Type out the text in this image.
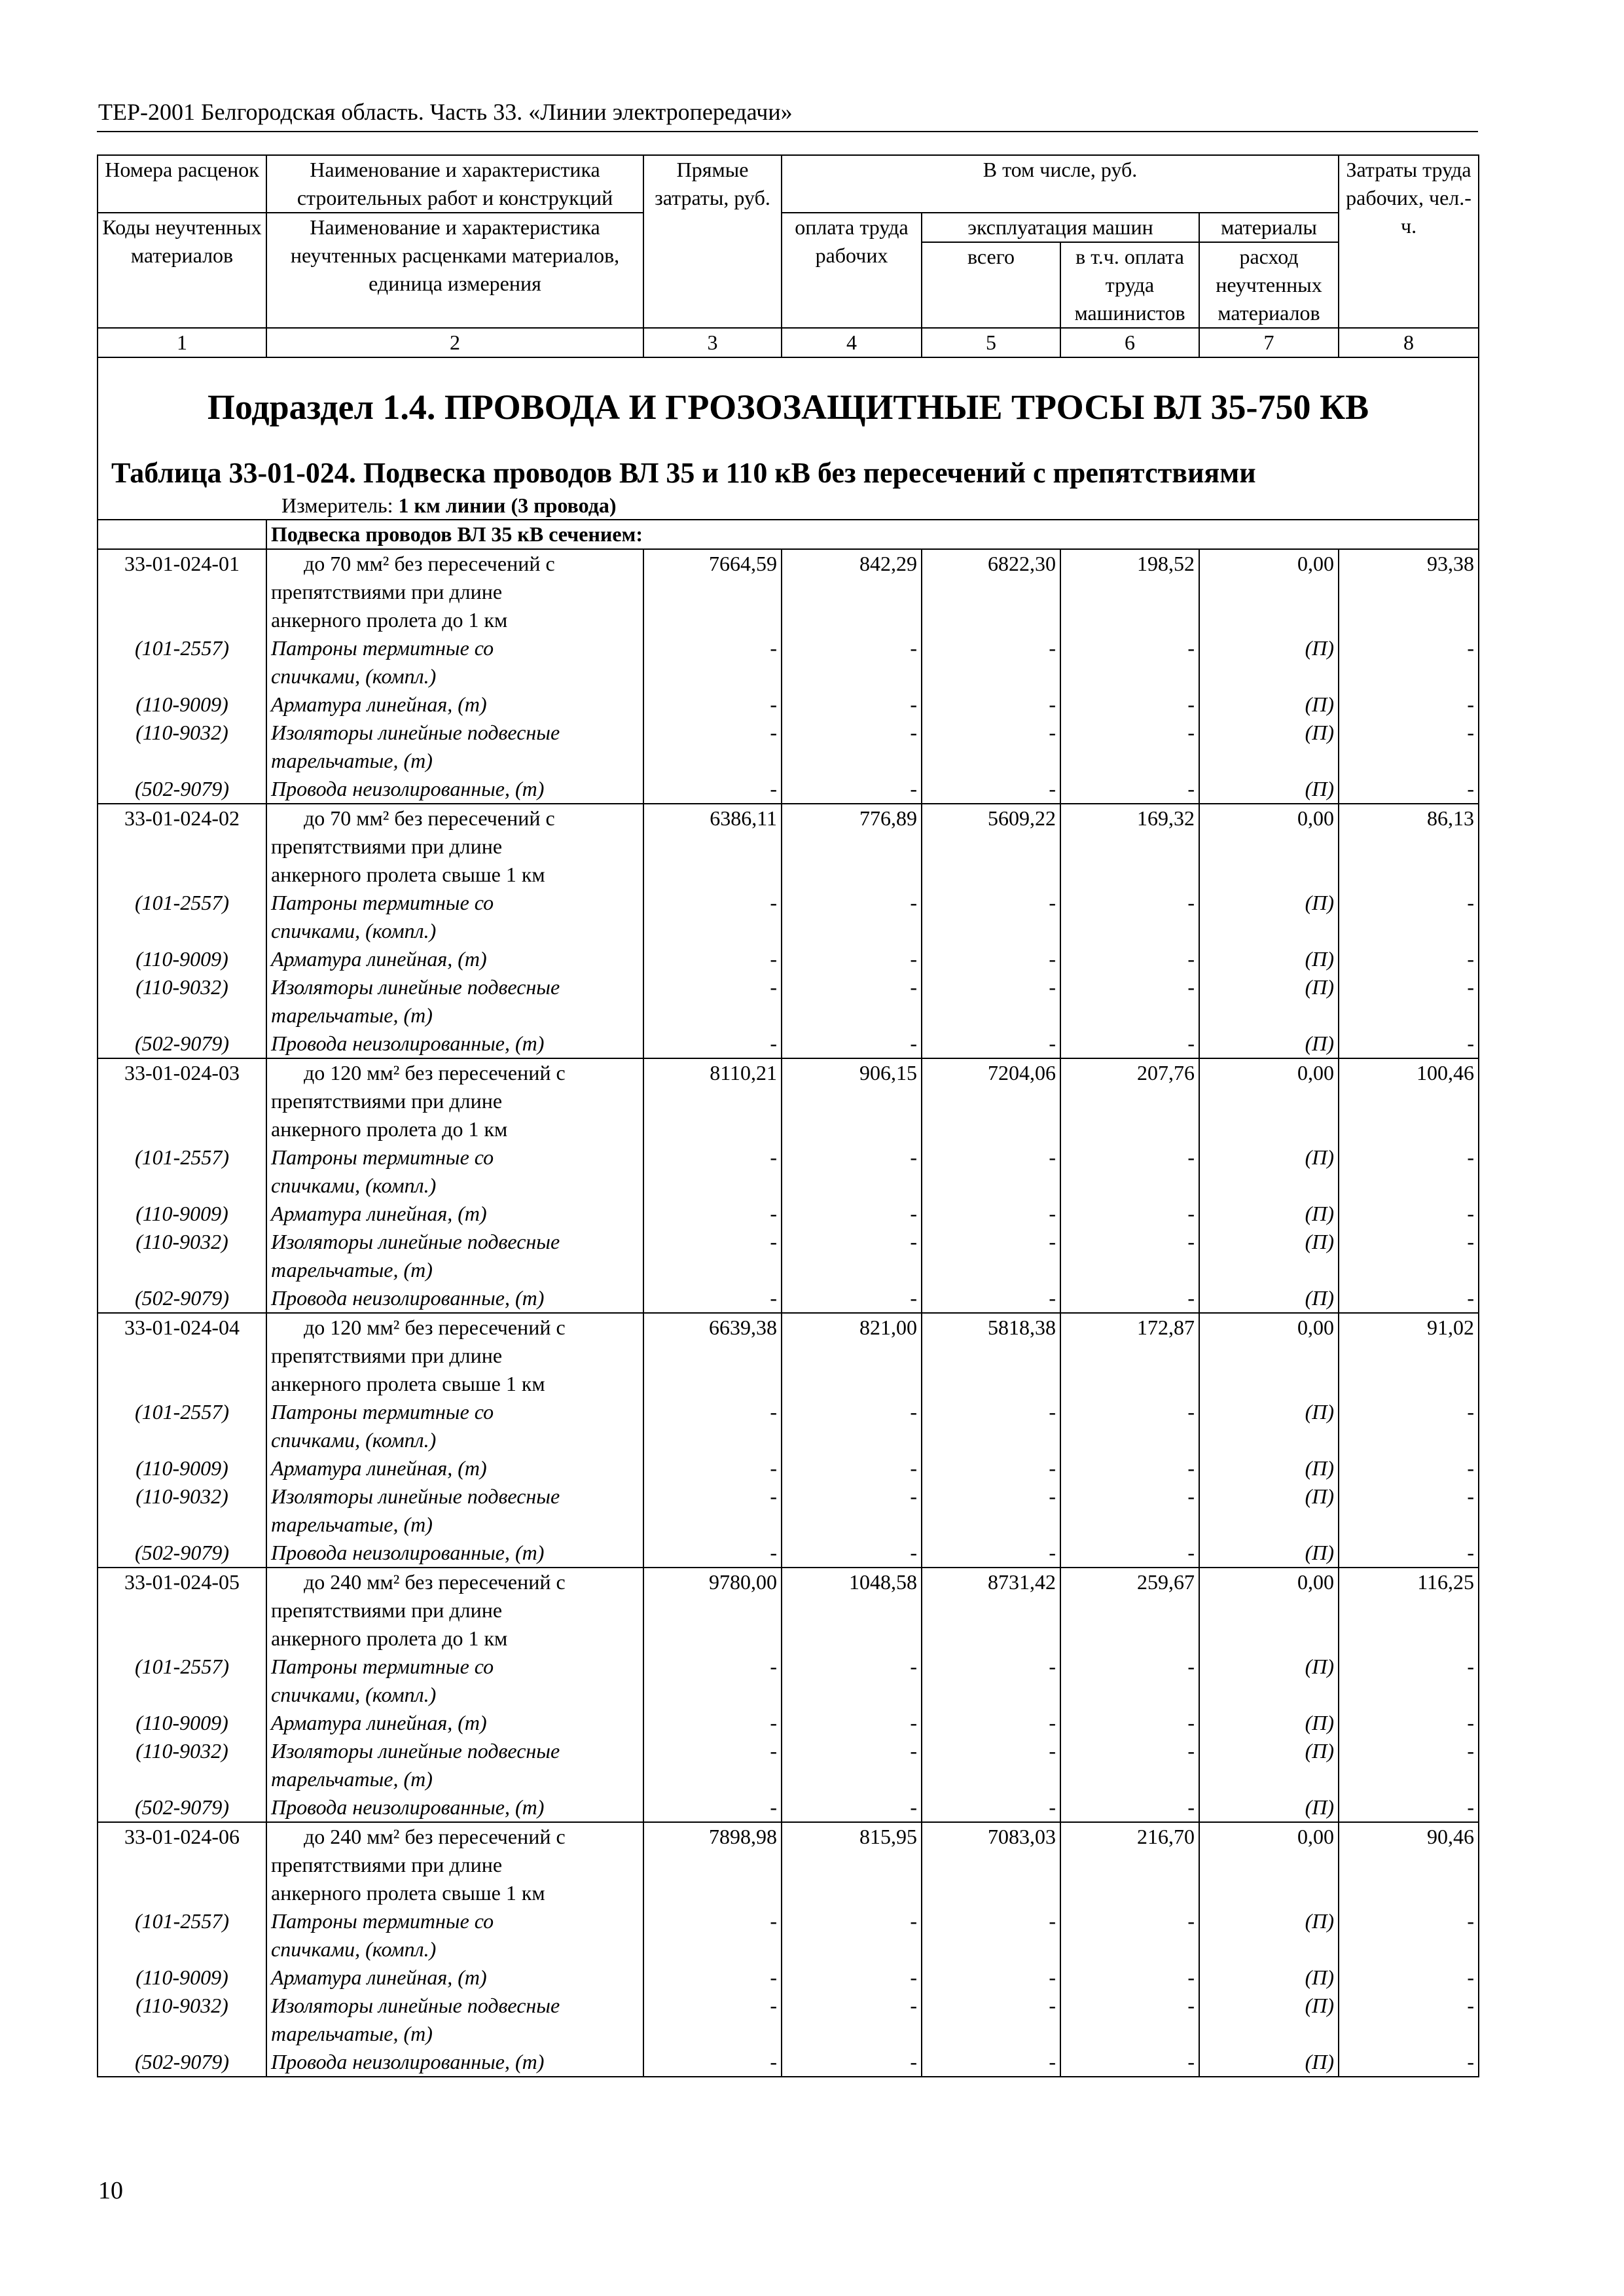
ТЕР-2001 Белгородская область. Часть 33. «Линии электропередачи»
Номера расценок	Наименование и характеристика строительных работ и конструкций	Прямые затраты, руб.	В том числе, руб.				Затраты труда рабочих, чел.-ч.
Коды неучтенных материалов	Наименование и характеристика неучтенных расценками материалов, единица измерения		оплата труда рабочих	эксплуатация машин		материалы	
				всего	в т.ч. оплата труда машинистов	расход неучтенных материалов	
1	2	3	4	5	6	7	8

Подраздел 1.4. ПРОВОДА И ГРОЗОЗАЩИТНЫЕ ТРОСЫ ВЛ 35-750 КВ
Таблица 33-01-024. Подвеска проводов ВЛ 35 и 110 кВ без пересечений с препятствиями
Измеритель: 1 км линии (3 провода)							

	Подвеска проводов ВЛ 35 кВ сечением:						
33-01-024-01	до 70 мм² без пересечений с
препятствиями при длине
анкерного пролета до 1 км	7664,59	842,29	6822,30	198,52	0,00	93,38
(101-2557)	Патроны термитные со
спичками, (компл.)	-	-	-	-	(П)	-
(110-9009)	Арматура линейная, (т)	-	-	-	-	(П)	-
(110-9032)	Изоляторы линейные подвесные
тарельчатые, (т)	-	-	-	-	(П)	-
(502-9079)	Провода неизолированные, (т)	-	-	-	-	(П)	-
33-01-024-02	до 70 мм² без пересечений с
препятствиями при длине
анкерного пролета свыше 1 км	6386,11	776,89	5609,22	169,32	0,00	86,13
(101-2557)	Патроны термитные со
спичками, (компл.)	-	-	-	-	(П)	-
(110-9009)	Арматура линейная, (т)	-	-	-	-	(П)	-
(110-9032)	Изоляторы линейные подвесные
тарельчатые, (т)	-	-	-	-	(П)	-
(502-9079)	Провода неизолированные, (т)	-	-	-	-	(П)	-
33-01-024-03	до 120 мм² без пересечений с
препятствиями при длине
анкерного пролета до 1 км	8110,21	906,15	7204,06	207,76	0,00	100,46
(101-2557)	Патроны термитные со
спичками, (компл.)	-	-	-	-	(П)	-
(110-9009)	Арматура линейная, (т)	-	-	-	-	(П)	-
(110-9032)	Изоляторы линейные подвесные
тарельчатые, (т)	-	-	-	-	(П)	-
(502-9079)	Провода неизолированные, (т)	-	-	-	-	(П)	-
33-01-024-04	до 120 мм² без пересечений с
препятствиями при длине
анкерного пролета свыше 1 км	6639,38	821,00	5818,38	172,87	0,00	91,02
(101-2557)	Патроны термитные со
спичками, (компл.)	-	-	-	-	(П)	-
(110-9009)	Арматура линейная, (т)	-	-	-	-	(П)	-
(110-9032)	Изоляторы линейные подвесные
тарельчатые, (т)	-	-	-	-	(П)	-
(502-9079)	Провода неизолированные, (т)	-	-	-	-	(П)	-
33-01-024-05	до 240 мм² без пересечений с
препятствиями при длине
анкерного пролета до 1 км	9780,00	1048,58	8731,42	259,67	0,00	116,25
(101-2557)	Патроны термитные со
спичками, (компл.)	-	-	-	-	(П)	-
(110-9009)	Арматура линейная, (т)	-	-	-	-	(П)	-
(110-9032)	Изоляторы линейные подвесные
тарельчатые, (т)	-	-	-	-	(П)	-
(502-9079)	Провода неизолированные, (т)	-	-	-	-	(П)	-
33-01-024-06	до 240 мм² без пересечений с
препятствиями при длине
анкерного пролета свыше 1 км	7898,98	815,95	7083,03	216,70	0,00	90,46
(101-2557)	Патроны термитные со
спичками, (компл.)	-	-	-	-	(П)	-
(110-9009)	Арматура линейная, (т)	-	-	-	-	(П)	-
(110-9032)	Изоляторы линейные подвесные
тарельчатые, (т)	-	-	-	-	(П)	-
(502-9079)	Провода неизолированные, (т)	-	-	-	-	(П)	-
10
